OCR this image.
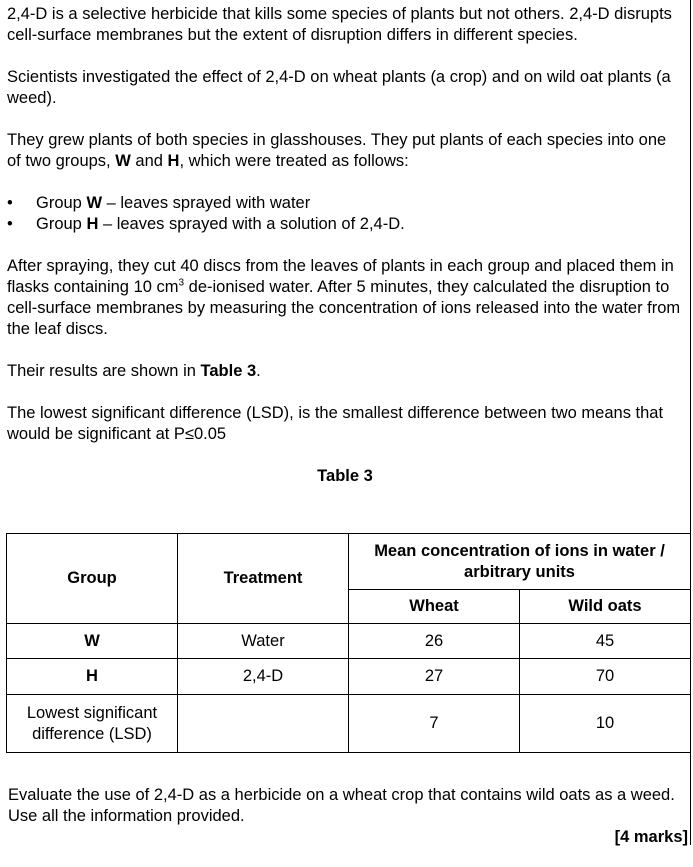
2,4-D is a selective herbicide that kills some species of plants but not others. 2,4-D disrupts cell-surface membranes but the extent of disruption differs in different species.

Scientists investigated the effect of 2,4-D on wheat plants (a crop) and on wild oat plants (a weed).

They grew plants of both species in glasshouses. They put plants of each species into one of two groups, W and H, which were treated as follows:

• Group W – leaves sprayed with water
• Group H – leaves sprayed with a solution of 2,4-D.

After spraying, they cut 40 discs from the leaves of plants in each group and placed them in flasks containing 10 $cm^3$ de-ionised water. After 5 minutes, they calculated the disruption to cell-surface membranes by measuring the concentration of ions released into the water from the leaf discs.

Their results are shown in Table 3.

The lowest significant difference (LSD), is the smallest difference between two means that would be significant at P≤0.05

Table 3
Group	Treatment	Mean concentration of ions in water / arbitrary units	
		Wheat	Wild oats
W	Water	26	45
H	2,4-D	27	70
Lowest significant difference (LSD)		7	10
Evaluate the use of 2,4-D as a herbicide on a wheat crop that contains wild oats as a weed. Use all the information provided.
[4 marks]
